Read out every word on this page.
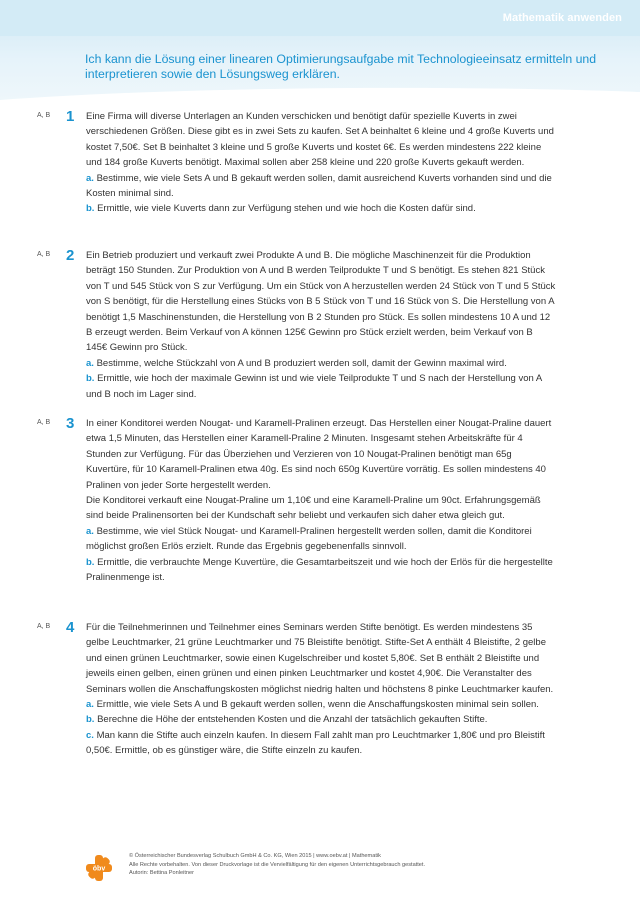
Mathematik anwenden
Ich kann die Lösung einer linearen Optimierungsaufgabe mit Technologieeinsatz ermitteln und interpretieren sowie den Lösungsweg erklären.
A, B 1 Eine Firma will diverse Unterlagen an Kunden verschicken und benötigt dafür spezielle Kuverts in zwei verschiedenen Größen. Diese gibt es in zwei Sets zu kaufen. Set A beinhaltet 6 kleine und 4 große Kuverts und kostet 7,50€. Set B beinhaltet 3 kleine und 5 große Kuverts und kostet 6€. Es werden mindestens 222 kleine und 184 große Kuverts benötigt. Maximal sollen aber 258 kleine und 220 große Kuverts gekauft werden.

a. Bestimme, wie viele Sets A und B gekauft werden sollen, damit ausreichend Kuverts vorhanden sind und die Kosten minimal sind.

b. Ermittle, wie viele Kuverts dann zur Verfügung stehen und wie hoch die Kosten dafür sind.

A, B 2 Ein Betrieb produziert und verkauft zwei Produkte A und B. Die mögliche Maschinenzeit für die Produktion beträgt 150 Stunden. Zur Produktion von A und B werden Teilprodukte T und S benötigt. Es stehen 821 Stück von T und 545 Stück von S zur Verfügung. Um ein Stück von A herzustellen werden 24 Stück von T und 5 Stück von S benötigt, für die Herstellung eines Stücks von B 5 Stück von T und 16 Stück von S. Die Herstellung von A benötigt 1,5 Maschinenstunden, die Herstellung von B 2 Stunden pro Stück. Es sollen mindestens 10 A und 12 B erzeugt werden. Beim Verkauf von A können 125€ Gewinn pro Stück erzielt werden, beim Verkauf von B 145€ Gewinn pro Stück.

a. Bestimme, welche Stückzahl von A und B produziert werden soll, damit der Gewinn maximal wird.

b. Ermittle, wie hoch der maximale Gewinn ist und wie viele Teilprodukte T und S nach der Herstellung von A und B noch im Lager sind.

A, B 3 In einer Konditorei werden Nougat- und Karamell-Pralinen erzeugt. Das Herstellen einer Nougat-Praline dauert etwa 1,5 Minuten, das Herstellen einer Karamell-Praline 2 Minuten. Insgesamt stehen Arbeitskräfte für 4 Stunden zur Verfügung. Für das Überziehen und Verzieren von 10 Nougat-Pralinen benötigt man 65g Kuvertüre, für 10 Karamell-Pralinen etwa 40g. Es sind noch 650g Kuvertüre vorrätig. Es sollen mindestens 40 Pralinen von jeder Sorte hergestellt werden.

Die Konditorei verkauft eine Nougat-Praline um 1,10€ und eine Karamell-Praline um 90ct. Erfahrungsgemäß sind beide Pralinensorten bei der Kundschaft sehr beliebt und verkaufen sich daher etwa gleich gut.

a. Bestimme, wie viel Stück Nougat- und Karamell-Pralinen hergestellt werden sollen, damit die Konditorei möglichst großen Erlös erzielt. Runde das Ergebnis gegebenenfalls sinnvoll.

b. Ermittle, die verbrauchte Menge Kuvertüre, die Gesamtarbeitszeit und wie hoch der Erlös für die hergestellte Pralinenmenge ist.

A, B 4 Für die Teilnehmerinnen und Teilnehmer eines Seminars werden Stifte benötigt. Es werden mindestens 35 gelbe Leuchtmarker, 21 grüne Leuchtmarker und 75 Bleistifte benötigt. Stifte-Set A enthält 4 Bleistifte, 2 gelbe und einen grünen Leuchtmarker, sowie einen Kugelschreiber und kostet 5,80€. Set B enthält 2 Bleistifte und jeweils einen gelben, einen grünen und einen pinken Leuchtmarker und kostet 4,90€. Die Veranstalter des Seminars wollen die Anschaffungskosten möglichst niedrig halten und höchstens 8 pinke Leuchtmarker kaufen.

a. Ermittle, wie viele Sets A und B gekauft werden sollen, wenn die Anschaffungskosten minimal sein sollen.

b. Berechne die Höhe der entstehenden Kosten und die Anzahl der tatsächlich gekauften Stifte.

c. Man kann die Stifte auch einzeln kaufen. In diesem Fall zahlt man pro Leuchtmarker 1,80€ und pro Bleistift 0,50€. Ermittle, ob es günstiger wäre, die Stifte einzeln zu kaufen.

öbv
© Österreichischer Bundesverlag Schulbuch GmbH & Co. KG, Wien 2015 | www.oebv.at | Mathematik
Alle Rechte vorbehalten. Von dieser Druckvorlage ist die Vervielfältigung für den eigenen Unterrichtsgebrauch gestattet.
Autorin: Bettina Ponleitner
